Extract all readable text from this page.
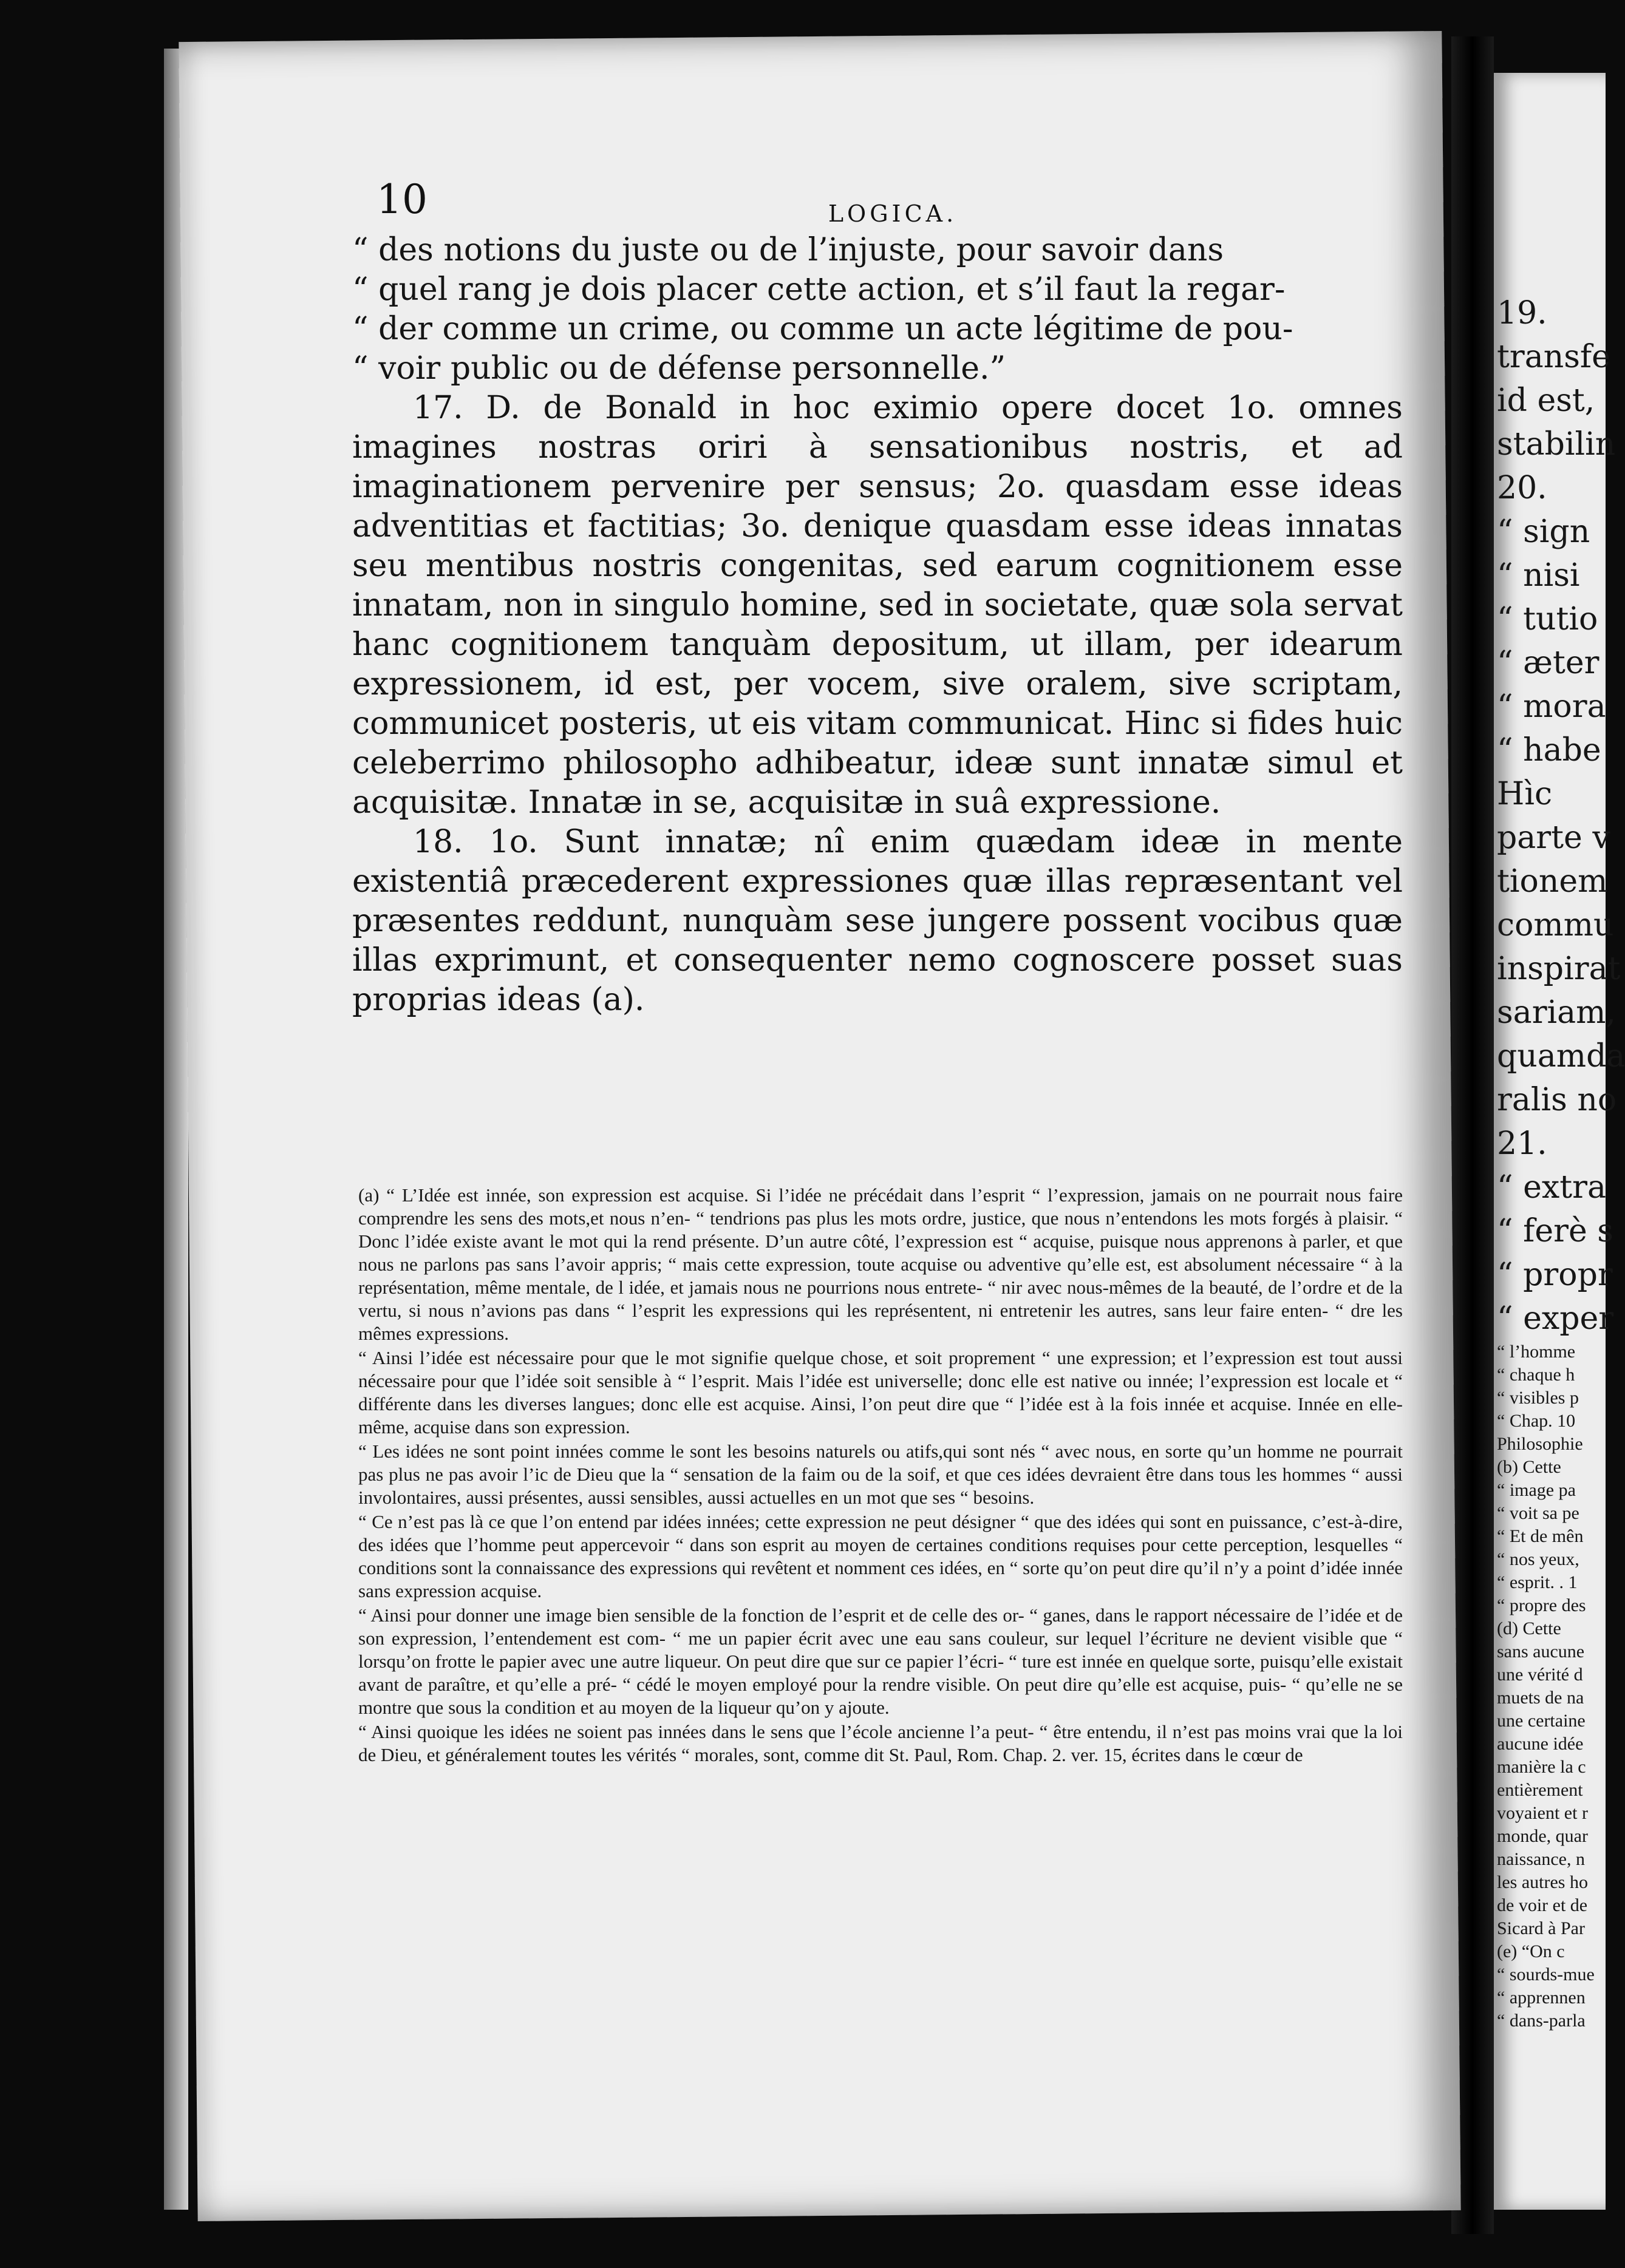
10	LOGICA.

“ des notions du juste ou de l’injuste, pour savoir dans

“ quel rang je dois placer cette action, et s’il faut la regar-

“ der comme un crime, ou comme un acte légitime de pou-

“ voir public ou de défense personnelle.”

17. D. de Bonald in hoc eximio opere docet 1o. omnes imagines nostras oriri à sensationibus nostris, et ad imaginationem pervenire per sensus; 2o. quasdam esse ideas adventitias et factitias; 3o. denique quasdam esse ideas innatas seu mentibus nostris congenitas, sed earum cognitionem esse innatam, non in singulo homine, sed in societate, quæ sola servat hanc cognitionem tanquàm depositum, ut illam, per idearum expressionem, id est, per vocem, sive oralem, sive scriptam, communicet posteris, ut eis vitam communicat. Hinc si fides huic celeberrimo philosopho adhibeatur, ideæ sunt innatæ simul et acquisitæ. Innatæ in se, acquisitæ in suâ expressione.

18. 1o. Sunt innatæ; nî enim quædam ideæ in mente existentiâ præcederent expressiones quæ illas repræsentant vel præsentes reddunt, nunquàm sese jungere possent vocibus quæ illas exprimunt, et consequenter nemo cognoscere posset suas proprias ideas (a).

(a) “ L’Idée est innée, son expression est acquise. Si l’idée ne précédait dans l’esprit “ l’expression, jamais on ne pourrait nous faire comprendre les sens des mots,et nous n’en- “ tendrions pas plus les mots ordre, justice, que nous n’entendons les mots forgés à plaisir. “ Donc l’idée existe avant le mot qui la rend présente. D’un autre côté, l’expression est “ acquise, puisque nous apprenons à parler, et que nous ne parlons pas sans l’avoir appris; “ mais cette expression, toute acquise ou adventive qu’elle est, est absolument nécessaire “ à la représentation, même mentale, de l idée, et jamais nous ne pourrions nous entrete- “ nir avec nous-mêmes de la beauté, de l’ordre et de la vertu, si nous n’avions pas dans “ l’esprit les expressions qui les représentent, ni entretenir les autres, sans leur faire enten- “ dre les mêmes expressions.

“ Ainsi l’idée est nécessaire pour que le mot signifie quelque chose, et soit proprement “ une expression; et l’expression est tout aussi nécessaire pour que l’idée soit sensible à “ l’esprit. Mais l’idée est universelle; donc elle est native ou innée; l’expression est locale et “ différente dans les diverses langues; donc elle est acquise. Ainsi, l’on peut dire que “ l’idée est à la fois innée et acquise. Innée en elle-même, acquise dans son expression.

“ Les idées ne sont point innées comme le sont les besoins naturels ou atifs,qui sont nés “ avec nous, en sorte qu’un homme ne pourrait pas plus ne pas avoir l’ic de Dieu que la “ sensation de la faim ou de la soif, et que ces idées devraient être dans tous les hommes “ aussi involontaires, aussi présentes, aussi sensibles, aussi actuelles en un mot que ses “ besoins.

“ Ce n’est pas là ce que l’on entend par idées innées; cette expression ne peut désigner “ que des idées qui sont en puissance, c’est-à-dire, des idées que l’homme peut appercevoir “ dans son esprit au moyen de certaines conditions requises pour cette perception, lesquelles “ conditions sont la connaissance des expressions qui revêtent et nomment ces idées, en “ sorte qu’on peut dire qu’il n’y a point d’idée innée sans expression acquise.

“ Ainsi pour donner une image bien sensible de la fonction de l’esprit et de celle des or- “ ganes, dans le rapport nécessaire de l’idée et de son expression, l’entendement est com- “ me un papier écrit avec une eau sans couleur, sur lequel l’écriture ne devient visible que “ lorsqu’on frotte le papier avec une autre liqueur. On peut dire que sur ce papier l’écri- “ ture est innée en quelque sorte, puisqu’elle existait avant de paraître, et qu’elle a pré- “ cédé le moyen employé pour la rendre visible. On peut dire qu’elle est acquise, puis- “ qu’elle ne se montre que sous la condition et au moyen de la liqueur qu’on y ajoute.

“ Ainsi quoique les idées ne soient pas innées dans le sens que l’école ancienne l’a peut- “ être entendu, il n’est pas moins vrai que la loi de Dieu, et généralement toutes les vérités “ morales, sont, comme dit St. Paul, Rom. Chap. 2. ver. 15, écrites dans le cœur de

19.
transfe
id est,
stabilin
20.
“ sign
“ nisi
“ tutio
“ æter
“ mora
“ habe
Hìc
parte v
tionem
commu
inspirat
sariam,
quamda
ralis no
21.
“ extra
“ ferè s
“ propr
“ exper
“ l’homme
“ chaque h
“ visibles p
“ Chap. 10
Philosophie
(b) Cette
“ image pa
“ voit sa pe
“ Et de mên
“ nos yeux,
“ esprit. . 1
“ propre des
(d) Cette
sans aucune
une vérité d
muets de na
une certaine
aucune idée
manière la c
entièrement
voyaient et r
monde, quar
naissance, n
les autres ho
de voir et de
Sicard à Par
(e) “On c
“ sourds-mue
“ apprennen
“ dans-parla
